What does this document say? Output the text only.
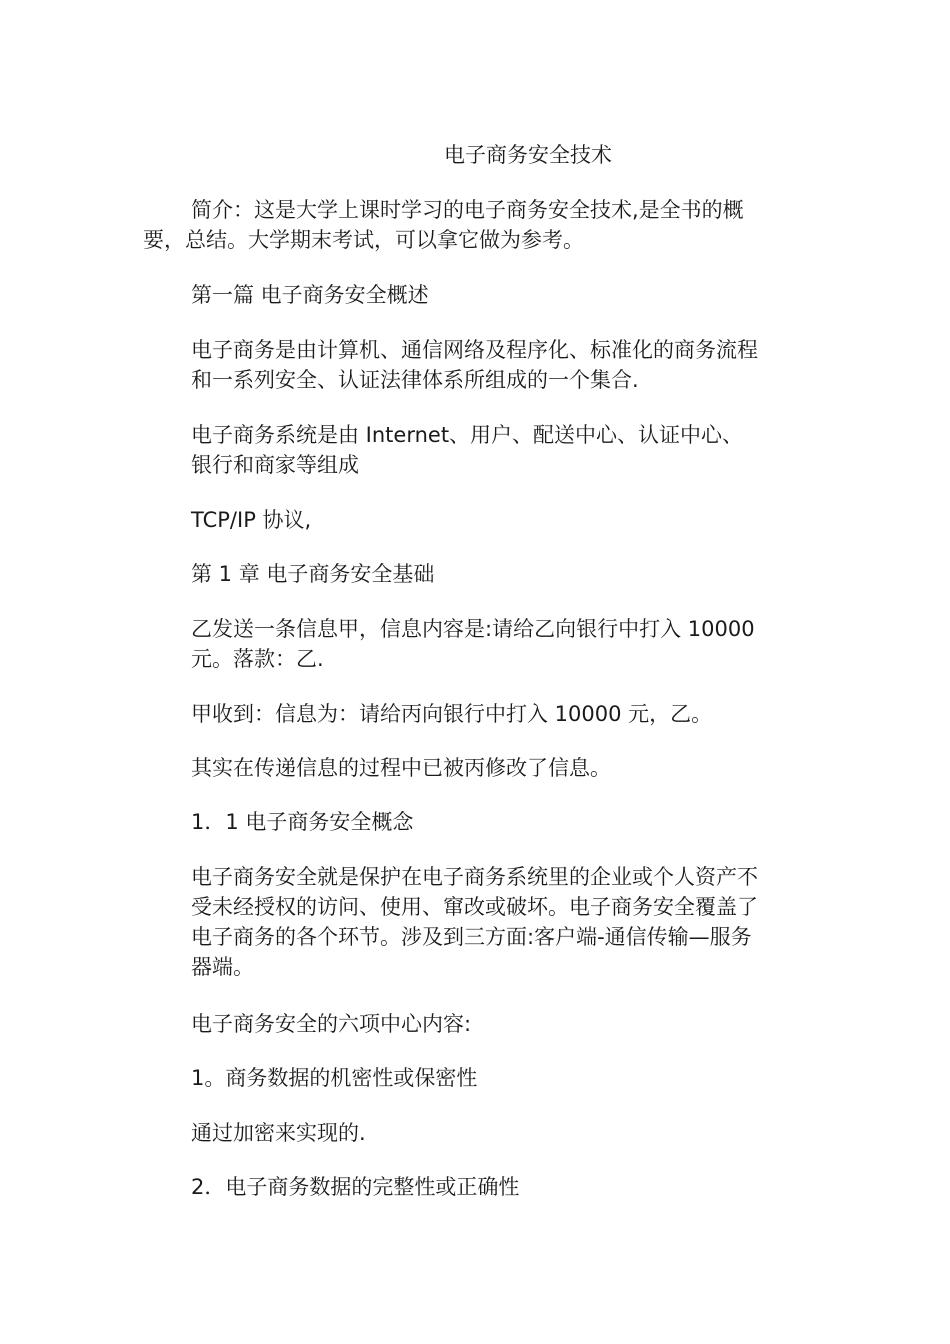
电子商务安全技术

简介：这是大学上课时学习的电子商务安全技术,是全书的概要，总结。大学期末考试，可以拿它做为参考。

第一篇 电子商务安全概述

电子商务是由计算机、通信网络及程序化、标准化的商务流程和一系列安全、认证法律体系所组成的一个集合.

电子商务系统是由 Internet、用户、配送中心、认证中心、银行和商家等组成

TCP/IP 协议,

第 1 章 电子商务安全基础

乙发送一条信息甲，信息内容是:请给乙向银行中打入 10000 元。落款：乙.

甲收到：信息为：请给丙向银行中打入 10000 元，乙。

其实在传递信息的过程中已被丙修改了信息。

1．1 电子商务安全概念

电子商务安全就是保护在电子商务系统里的企业或个人资产不受未经授权的访问、使用、窜改或破坏。电子商务安全覆盖了电子商务的各个环节。涉及到三方面:客户端-通信传输—服务器端。

电子商务安全的六项中心内容:

1。商务数据的机密性或保密性

通过加密来实现的.

2．电子商务数据的完整性或正确性
